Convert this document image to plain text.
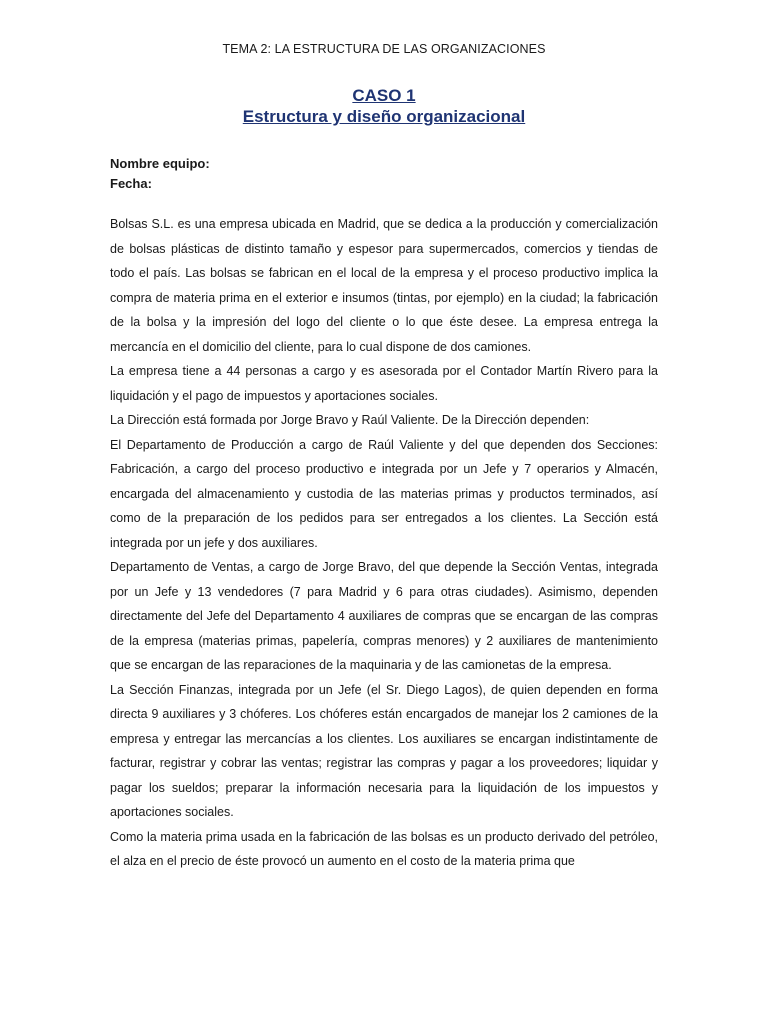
TEMA 2: LA ESTRUCTURA DE LAS ORGANIZACIONES
CASO 1
Estructura y diseño organizacional
Nombre equipo:
Fecha:

Bolsas S.L. es una empresa ubicada en Madrid, que se dedica a la producción y comercialización de bolsas plásticas de distinto tamaño y espesor para supermercados, comercios y tiendas de todo el país. Las bolsas se fabrican en el local de la empresa y el proceso productivo implica la compra de materia prima en el exterior e insumos (tintas, por ejemplo) en la ciudad; la fabricación de la bolsa y la impresión del logo del cliente o lo que éste desee. La empresa entrega la mercancía en el domicilio del cliente, para lo cual dispone de dos camiones.

La empresa tiene a 44 personas a cargo y es asesorada por el Contador Martín Rivero para la liquidación y el pago de impuestos y aportaciones sociales.

La Dirección está formada por Jorge Bravo y Raúl Valiente. De la Dirección dependen:

El Departamento de Producción a cargo de Raúl Valiente y del que dependen dos Secciones: Fabricación, a cargo del proceso productivo e integrada por un Jefe y 7 operarios y Almacén, encargada del almacenamiento y custodia de las materias primas y productos terminados, así como de la preparación de los pedidos para ser entregados a los clientes. La Sección está integrada por un jefe y dos auxiliares.

Departamento de Ventas, a cargo de Jorge Bravo, del que depende la Sección Ventas, integrada por un Jefe y 13 vendedores (7 para Madrid y 6 para otras ciudades). Asimismo, dependen directamente del Jefe del Departamento 4 auxiliares de compras que se encargan de las compras de la empresa (materias primas, papelería, compras menores) y 2 auxiliares de mantenimiento que se encargan de las reparaciones de la maquinaria y de las camionetas de la empresa.

La Sección Finanzas, integrada por un Jefe (el Sr. Diego Lagos), de quien dependen en forma directa 9 auxiliares y 3 chóferes. Los chóferes están encargados de manejar los 2 camiones de la empresa y entregar las mercancías a los clientes. Los auxiliares se encargan indistintamente de facturar, registrar y cobrar las ventas; registrar las compras y pagar a los proveedores; liquidar y pagar los sueldos; preparar la información necesaria para la liquidación de los impuestos y aportaciones sociales.

Como la materia prima usada en la fabricación de las bolsas es un producto derivado del petróleo, el alza en el precio de éste provocó un aumento en el costo de la materia prima que
